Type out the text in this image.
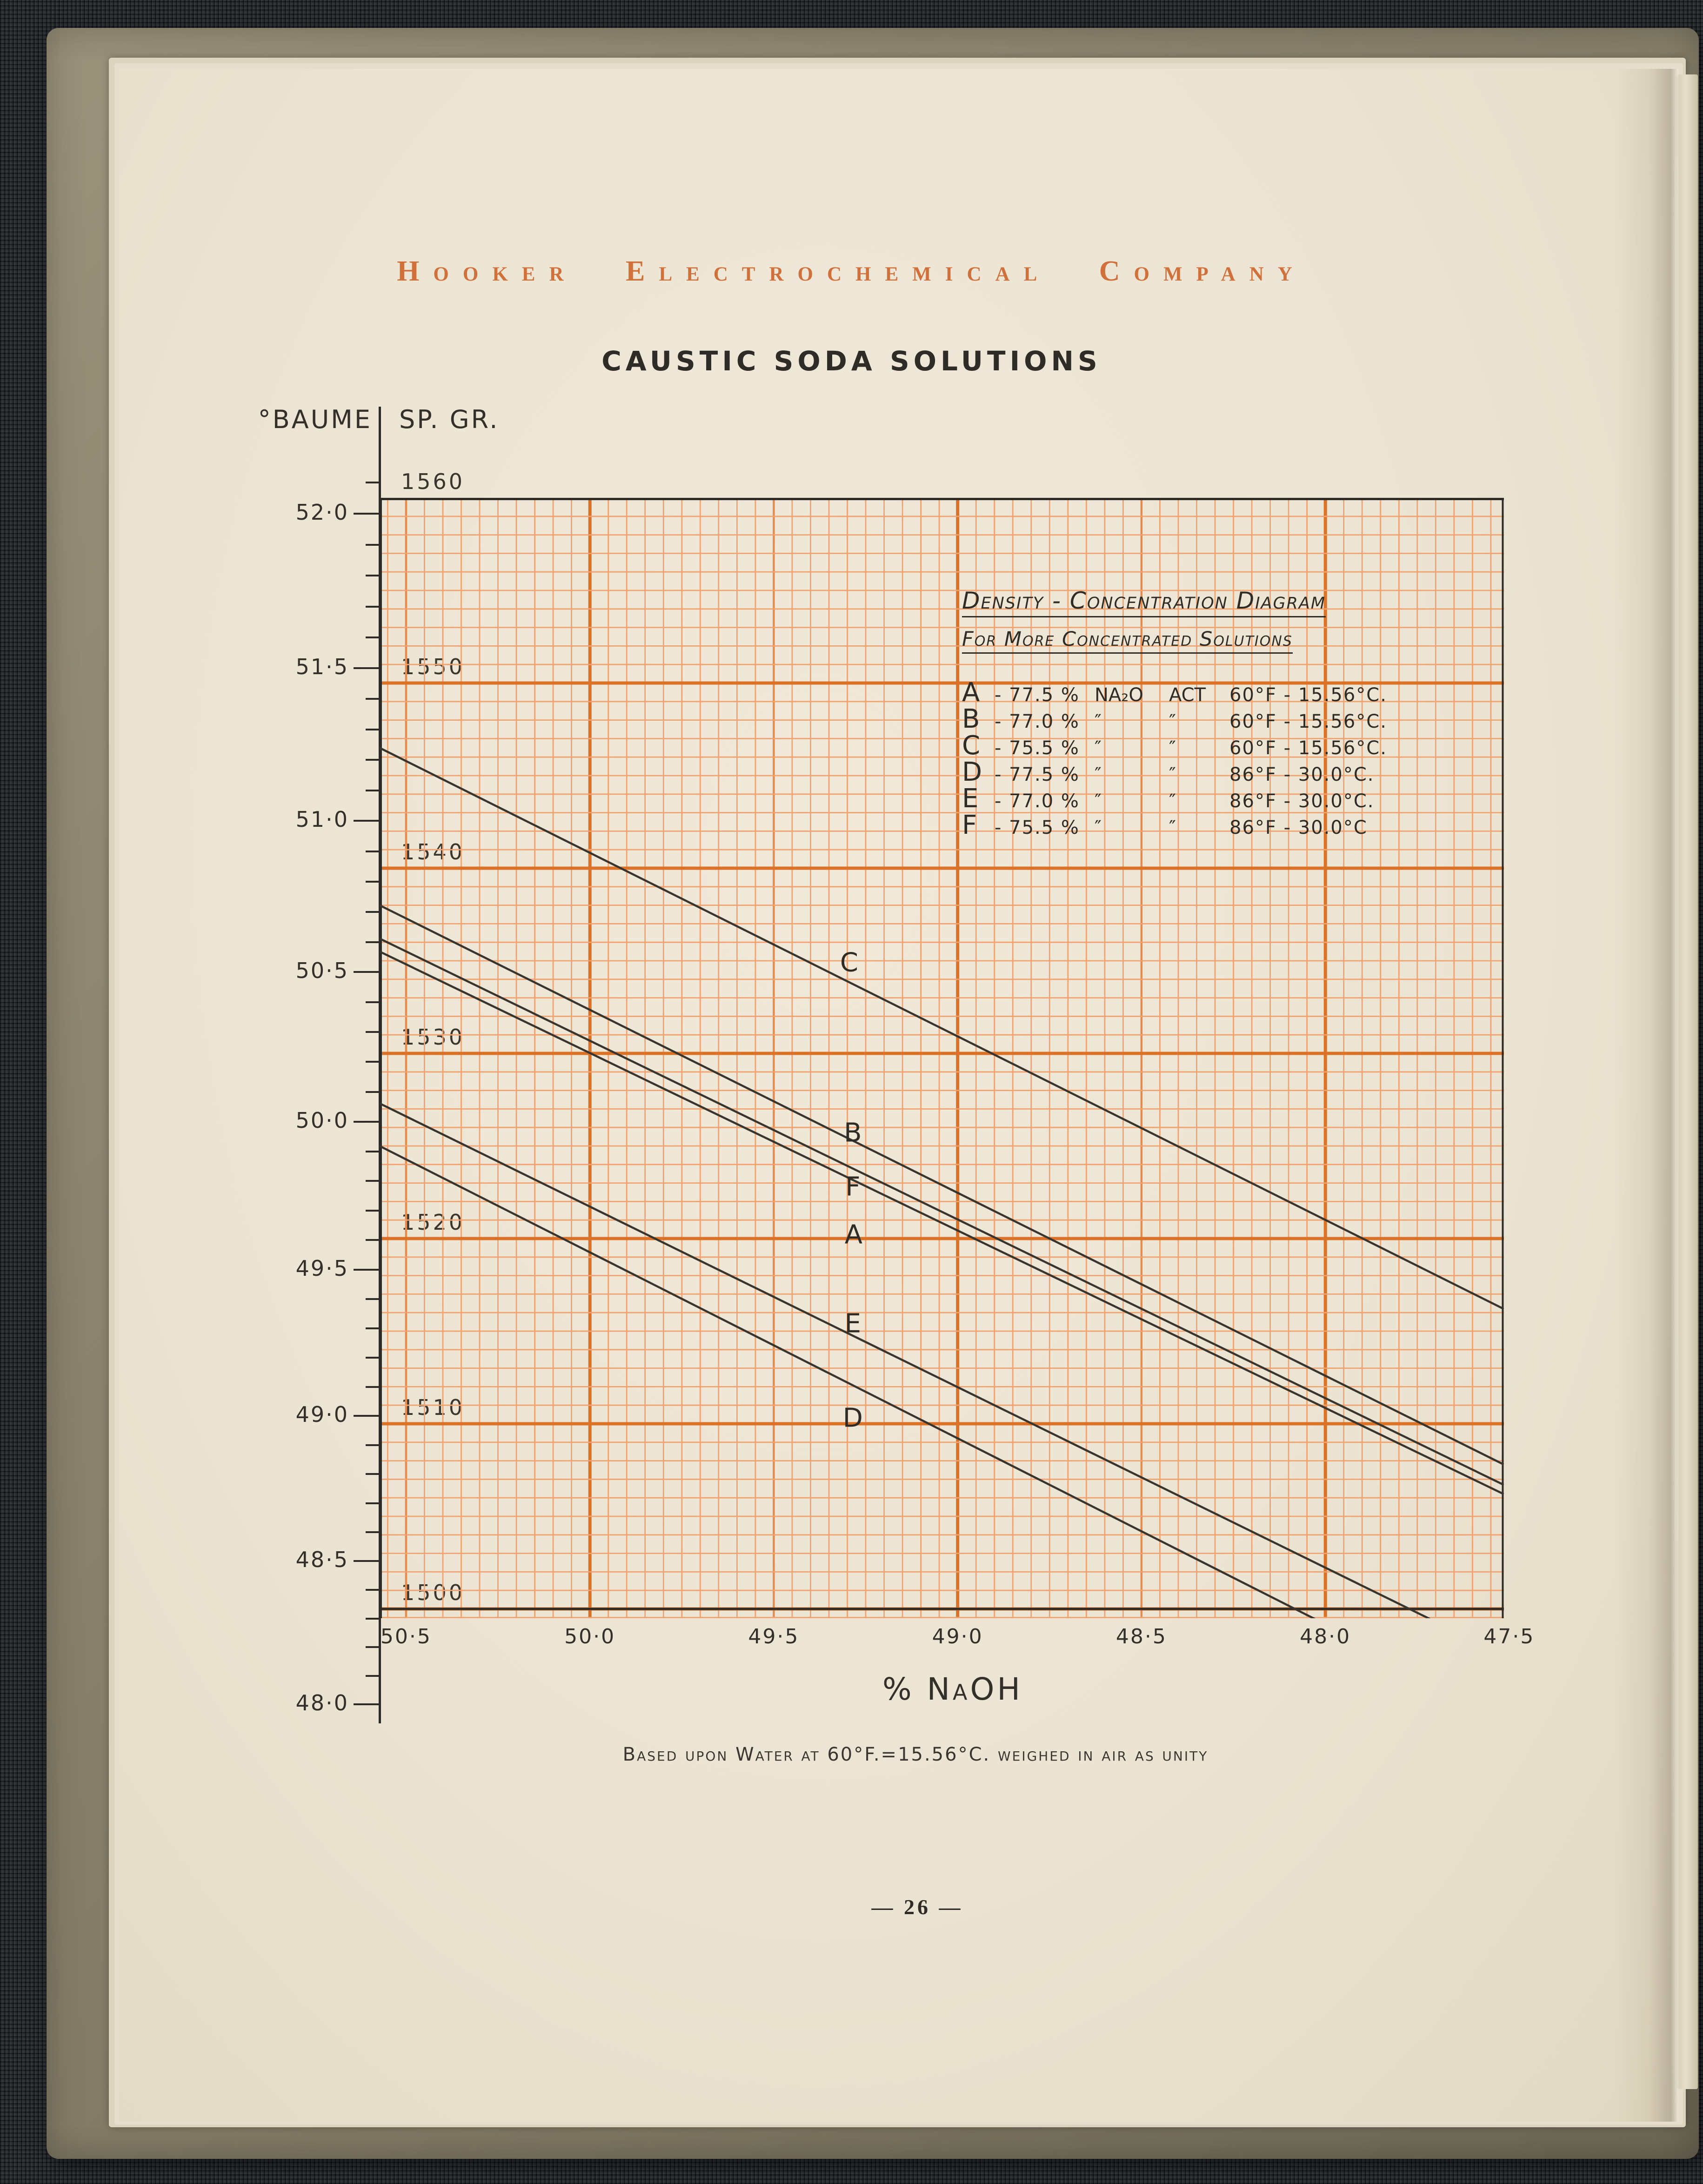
Hooker Electrochemical Company
CAUSTIC SODA SOLUTIONS
°BAUME SP. GR.
52·0
51·5
51·0
50·5
50·0
49·5
49·0
48·5
48·0
1560
1550
1540
1530
1520
1510
1500
C
B
F
A
E
D
Density - Concentration Diagram
For More Concentrated Solutions
A - 77.5 % NA₂O	ACT	60°F - 15.56°C.
B - 77.0 % ″	″	60°F - 15.56°C.
C - 75.5 % ″	″	60°F - 15.56°C.
D - 77.5 % ″	″	86°F - 30.0°C.
E - 77.0 % ″	″	86°F - 30.0°C.
F - 75.5 % ″	″	86°F - 30.0°C
50·5	50·0	49·5	49·0	48·5	48·0	47·5
% NaOH
Based upon Water at 60°F.=15.56°C. weighed in air as unity
— 26 —
